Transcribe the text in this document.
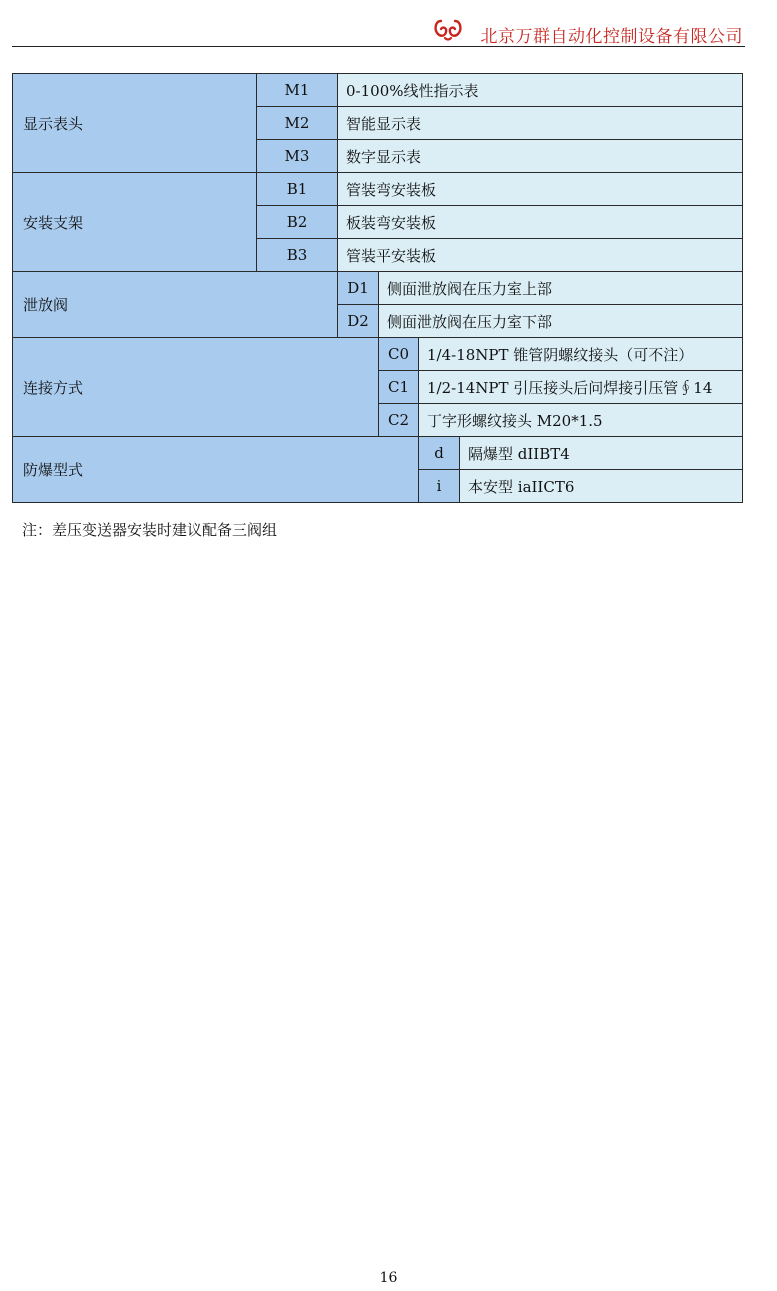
北京万群自动化控制设备有限公司
显示表头	M1	0-100%线性指示表			
	M2	智能显示表			
	M3	数字显示表			
安装支架	B1	管装弯安装板			
	B2	板装弯安装板			
	B3	管装平安装板			
泄放阀		D1	侧面泄放阀在压力室上部		
		D2	侧面泄放阀在压力室下部		
连接方式			C0	1/4-18NPT 锥管阴螺纹接头（可不注）	
			C1	1/2-14NPT 引压接头后问焊接引压管∮14	
			C2	丁字形螺纹接头 M20*1.5	
防爆型式				d	隔爆型 dIIBT4
				i	本安型 iaIICT6
注：差压变送器安装时建议配备三阀组
16
